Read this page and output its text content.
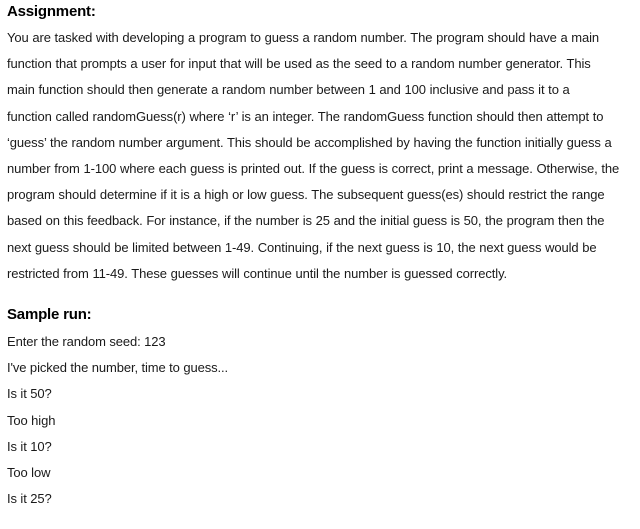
Assignment:
You are tasked with developing a program to guess a random number. The program should have a main
function that prompts a user for input that will be used as the seed to a random number generator. This
main function should then generate a random number between 1 and 100 inclusive and pass it to a
function called randomGuess(r) where ‘r’ is an integer. The randomGuess function should then attempt to
‘guess’ the random number argument. This should be accomplished by having the function initially guess a
number from 1-100 where each guess is printed out. If the guess is correct, print a message. Otherwise, the
program should determine if it is a high or low guess. The subsequent guess(es) should restrict the range
based on this feedback. For instance, if the number is 25 and the initial guess is 50, the program then the
next guess should be limited between 1-49. Continuing, if the next guess is 10, the next guess would be
restricted from 11-49. These guesses will continue until the number is guessed correctly.
Sample run:
Enter the random seed: 123
I've picked the number, time to guess...
Is it 50?
Too high
Is it 10?
Too low
Is it 25?
